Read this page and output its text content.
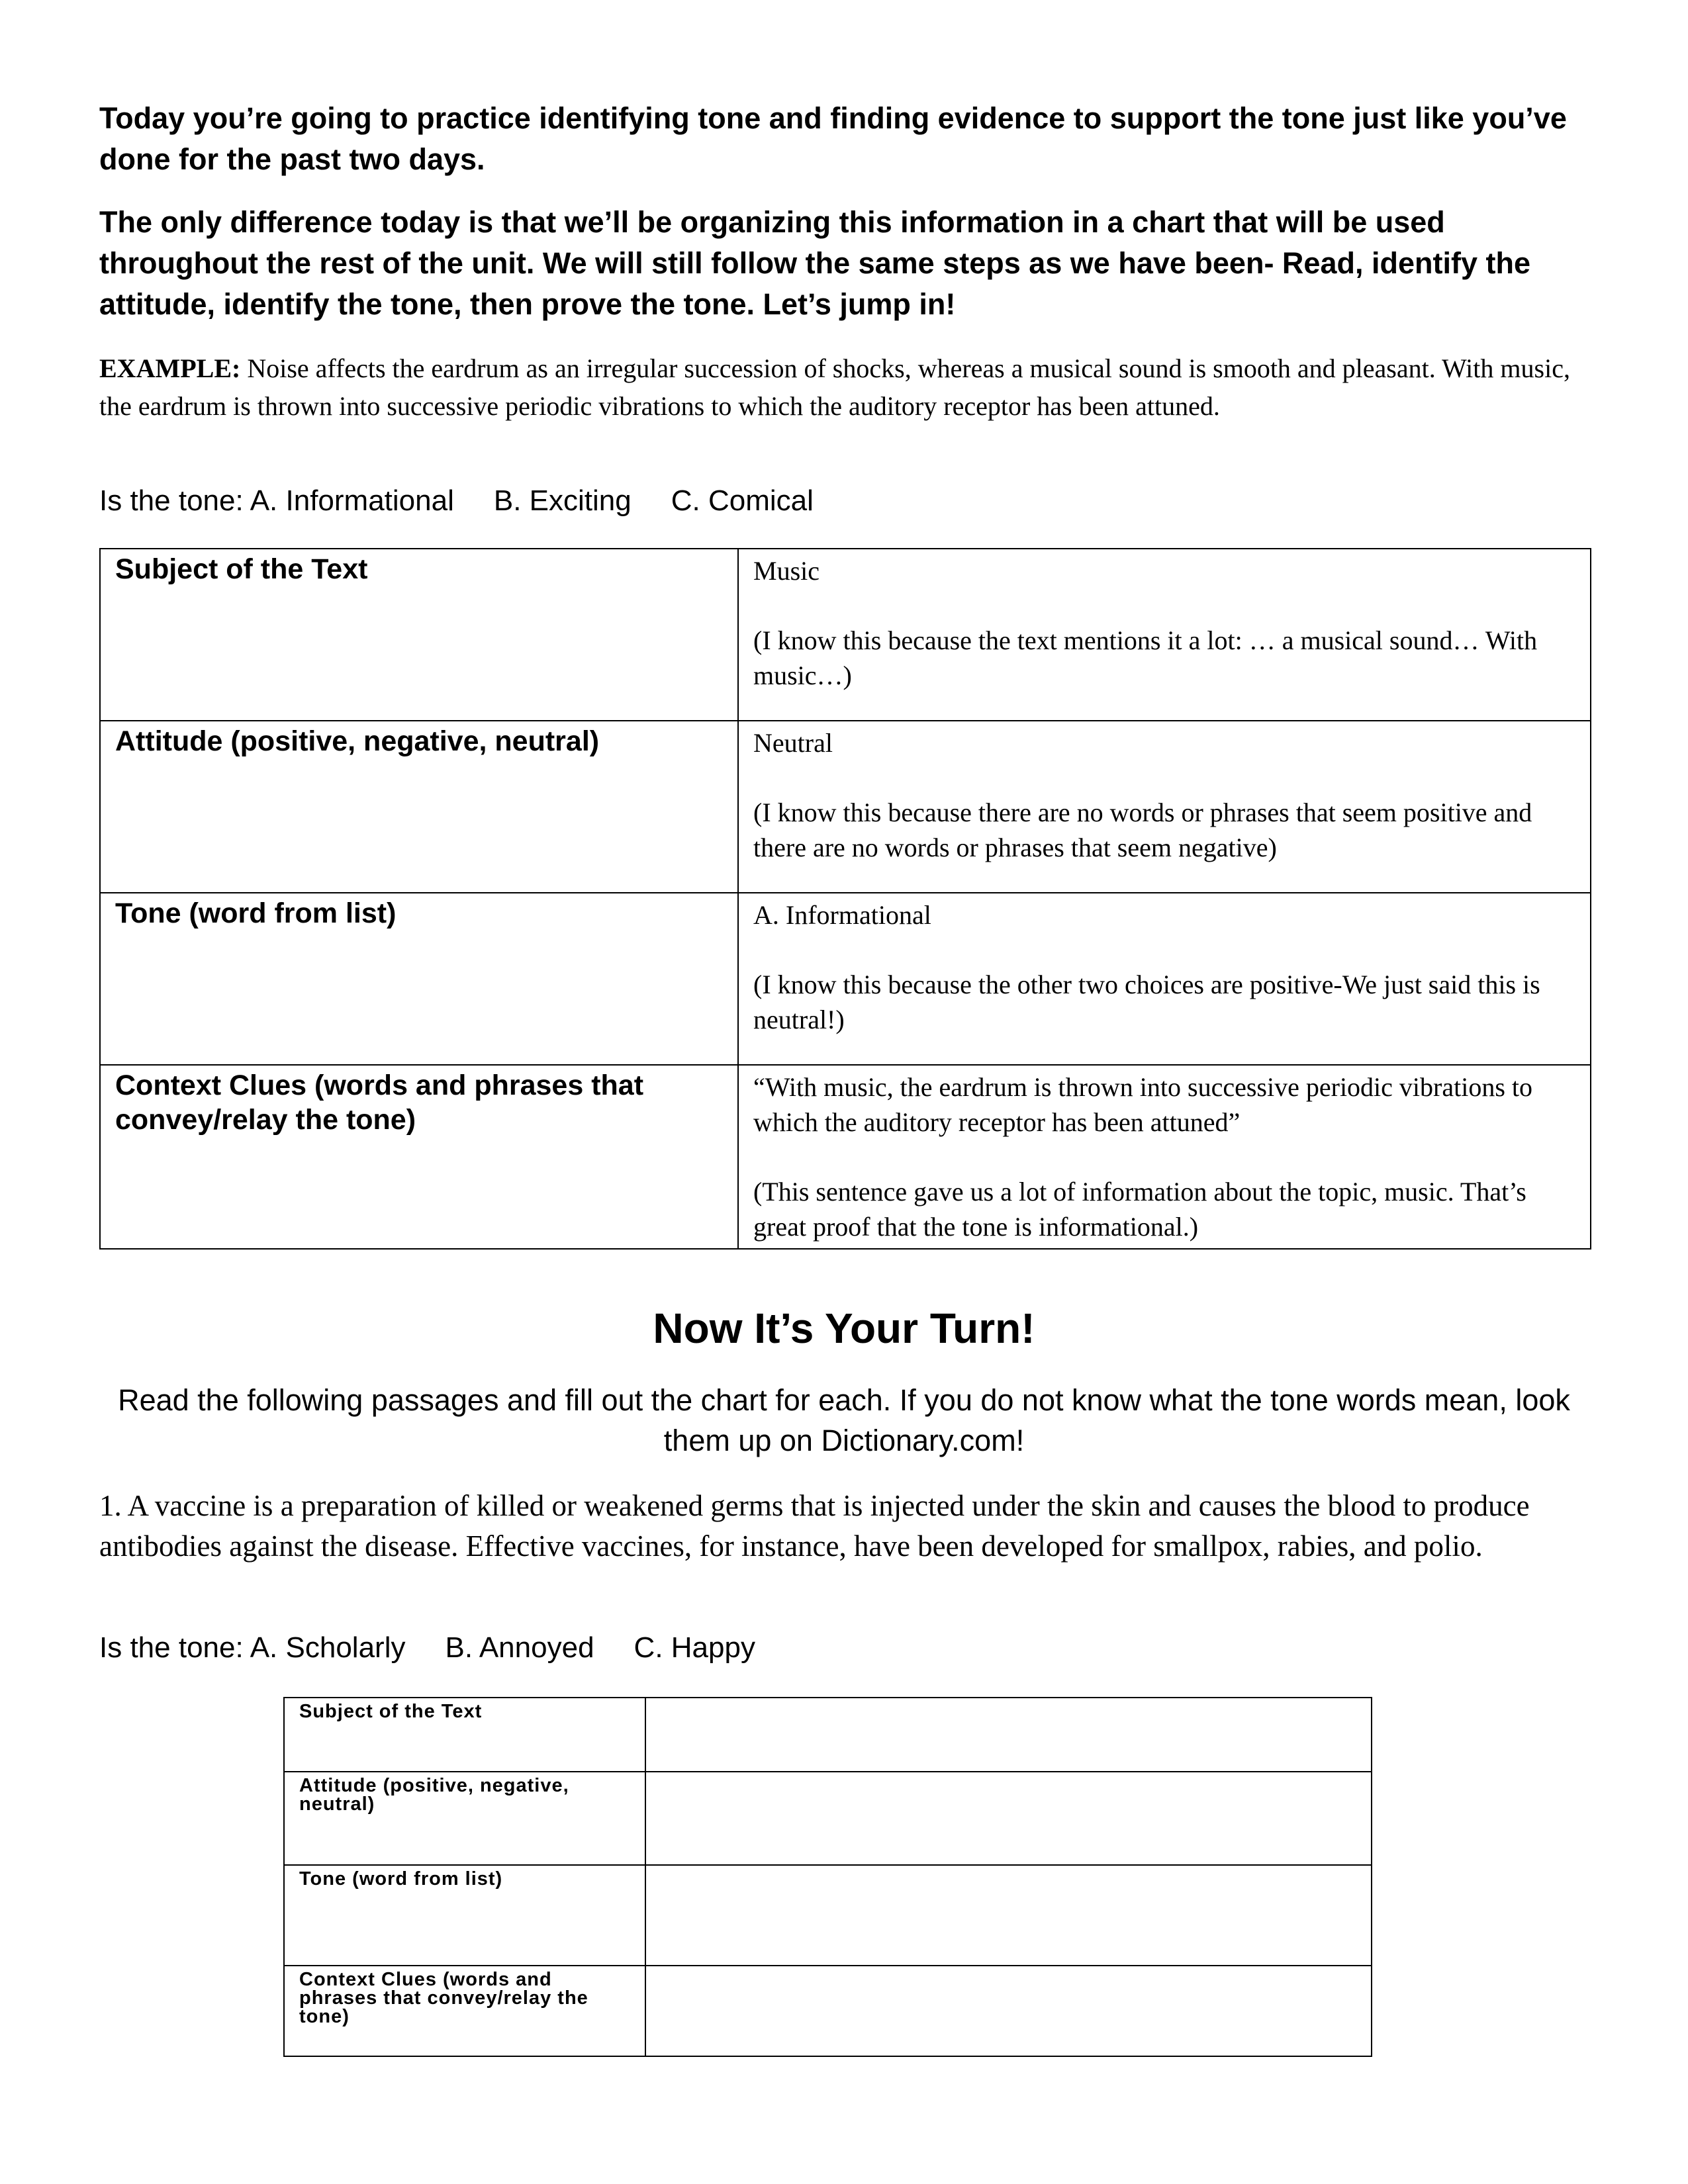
Today you’re going to practice identifying tone and finding evidence to support the tone just like you’ve done for the past two days.

The only difference today is that we’ll be organizing this information in a chart that will be used throughout the rest of the unit. We will still follow the same steps as we have been- Read, identify the attitude, identify the tone, then prove the tone. Let’s jump in!

EXAMPLE: Noise affects the eardrum as an irregular succession of shocks, whereas a musical sound is smooth and pleasant. With music, the eardrum is thrown into successive periodic vibrations to which the auditory receptor has been attuned.
Is the tone: A. Informational B. Exciting C. Comical
Subject of the Text	Music

(I know this because the text mentions it a lot: … a musical sound… With music…)

Attitude (positive, negative, neutral)	Neutral

(I know this because there are no words or phrases that seem positive and there are no words or phrases that seem negative)

Tone (word from list)	A. Informational

(I know this because the other two choices are positive-We just said this is neutral!)

Context Clues (words and phrases that convey/relay the tone)	“With music, the eardrum is thrown into successive periodic vibrations to which the auditory receptor has been attuned”

(This sentence gave us a lot of information about the topic, music. That’s great proof that the tone is informational.)

Now It’s Your Turn!
Read the following passages and fill out the chart for each. If you do not know what the tone words mean, look them up on Dictionary.com!
1. A vaccine is a preparation of killed or weakened germs that is injected under the skin and causes the blood to produce antibodies against the disease. Effective vaccines, for instance, have been developed for smallpox, rabies, and polio.
Is the tone: A. Scholarly B. Annoyed C. Happy
Subject of the Text	
Attitude (positive, negative, neutral)	
Tone (word from list)	
Context Clues (words and phrases that convey/relay the tone)	
